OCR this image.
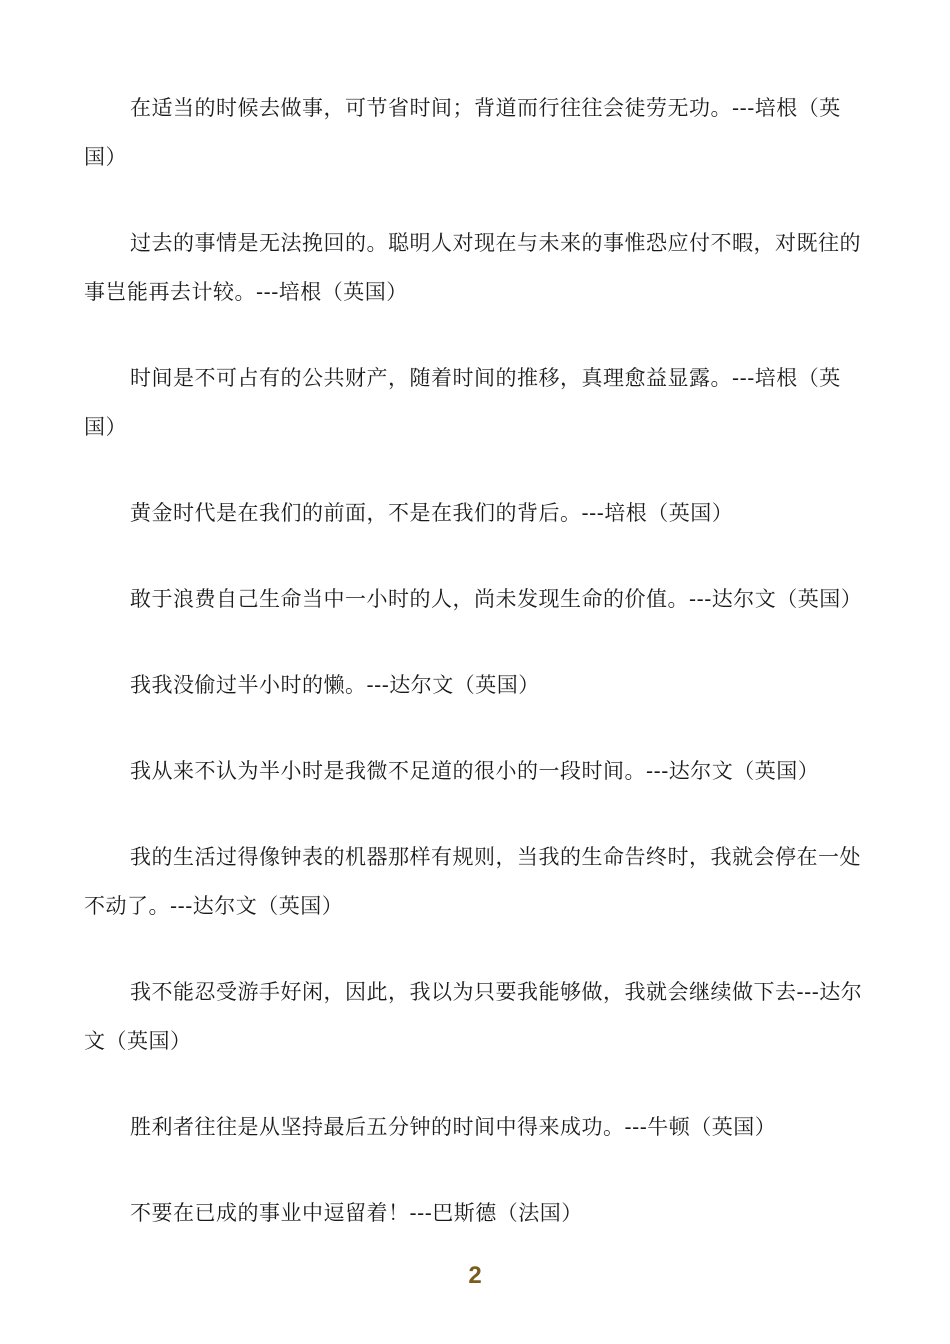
在适当的时候去做事，可节省时间；背道而行往往会徒劳无功。---培根（英国）

过去的事情是无法挽回的。聪明人对现在与未来的事惟恐应付不暇，对既往的事岂能再去计较。---培根（英国）

时间是不可占有的公共财产，随着时间的推移，真理愈益显露。---培根（英国）

黄金时代是在我们的前面，不是在我们的背后。---培根（英国）

敢于浪费自己生命当中一小时的人，尚未发现生命的价值。---达尔文（英国）

我我没偷过半小时的懒。---达尔文（英国）

我从来不认为半小时是我微不足道的很小的一段时间。---达尔文（英国）

我的生活过得像钟表的机器那样有规则，当我的生命告终时，我就会停在一处不动了。---达尔文（英国）

我不能忍受游手好闲，因此，我以为只要我能够做，我就会继续做下去---达尔文（英国）

胜利者往往是从坚持最后五分钟的时间中得来成功。---牛顿（英国）

不要在已成的事业中逗留着！---巴斯德（法国）

2
